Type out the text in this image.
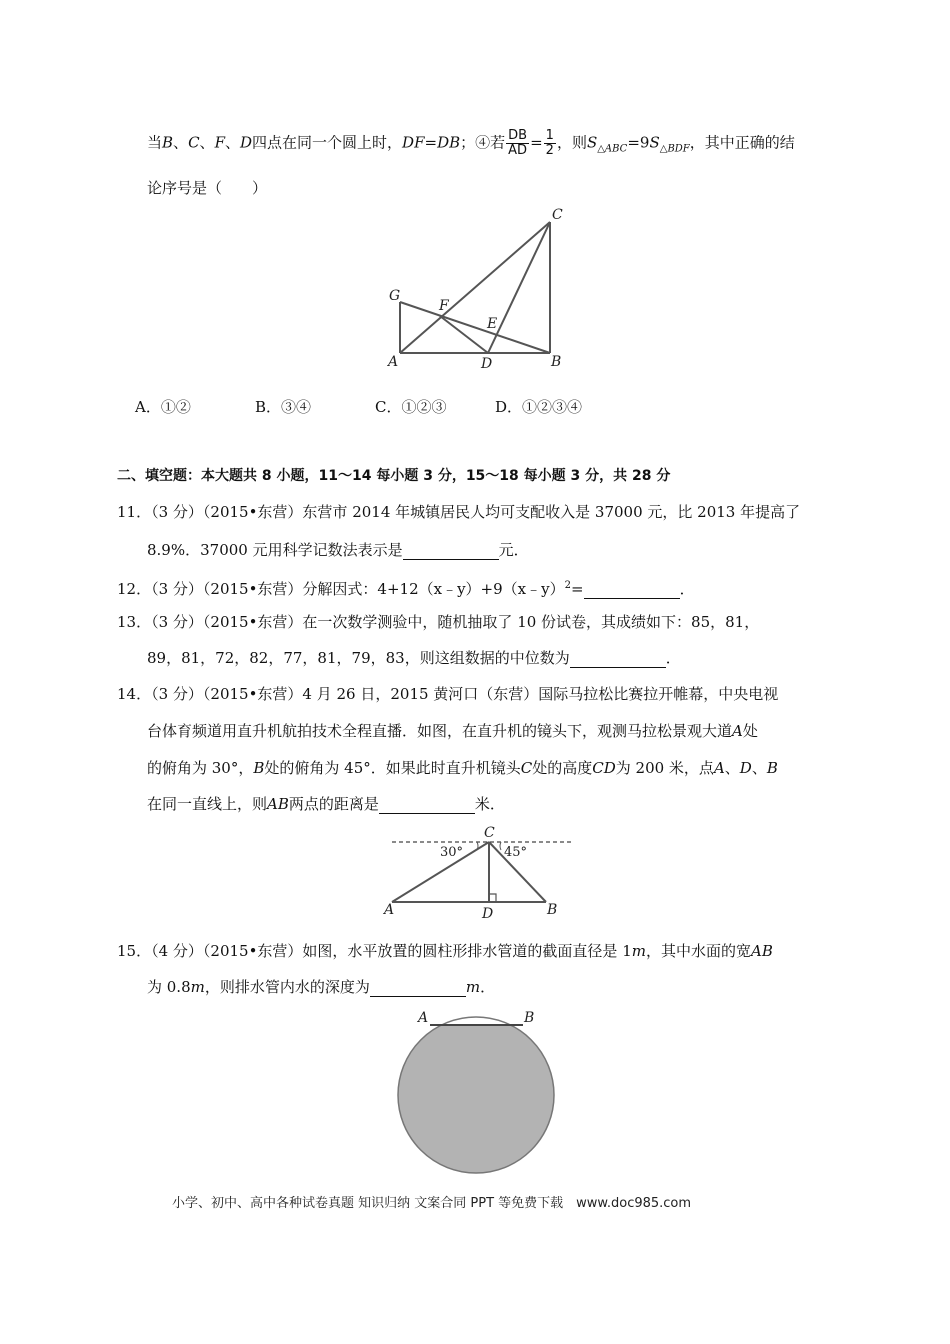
当B、C、F、D四点在同一个圆上时，DF=DB；④若 $\frac{DB}{AD} = \frac{1}{2}$ ，则$S_{\triangle ABC}=9S_{\triangle BDF}$，其中正确的结
论序号是（　　）
C
G
F
E
A	D	B
A．①②	B．③④	C．①②③	D．①②③④
二、填空题：本大题共 8 小题，11～14 每小题 3 分，15～18 每小题 3 分，共 28 分
11．（3 分）（2015•东营）东营市 2014 年城镇居民人均可支配收入是 37000 元，比 2013 年提高了
8.9%．37000 元用科学记数法表示是	元．
12．（3 分）（2015•东营）分解因式：4+12（x﹣y）+9（x﹣y）$^2$=	．
13．（3 分）（2015•东营）在一次数学测验中，随机抽取了 10 份试卷，其成绩如下：85，81，
89，81，72，82，77，81，79，83，则这组数据的中位数为	．
14．（3 分）（2015•东营）4 月 26 日，2015 黄河口（东营）国际马拉松比赛拉开帷幕，中央电视
台体育频道用直升机航拍技术全程直播．如图，在直升机的镜头下，观测马拉松景观大道A处
的俯角为 30°，B处的俯角为 45°．如果此时直升机镜头C处的高度CD为 200 米，点A、D、B
在同一直线上，则AB两点的距离是	米．
C
30°	45°
A	D	B
15．（4 分）（2015•东营）如图，水平放置的圆柱形排水管道的截面直径是 1m，其中水面的宽AB
为 0.8m，则排水管内水的深度为	m．
A	B
小学、初中、高中各种试卷真题 知识归纳 文案合同 PPT 等免费下载　www.doc985.com
